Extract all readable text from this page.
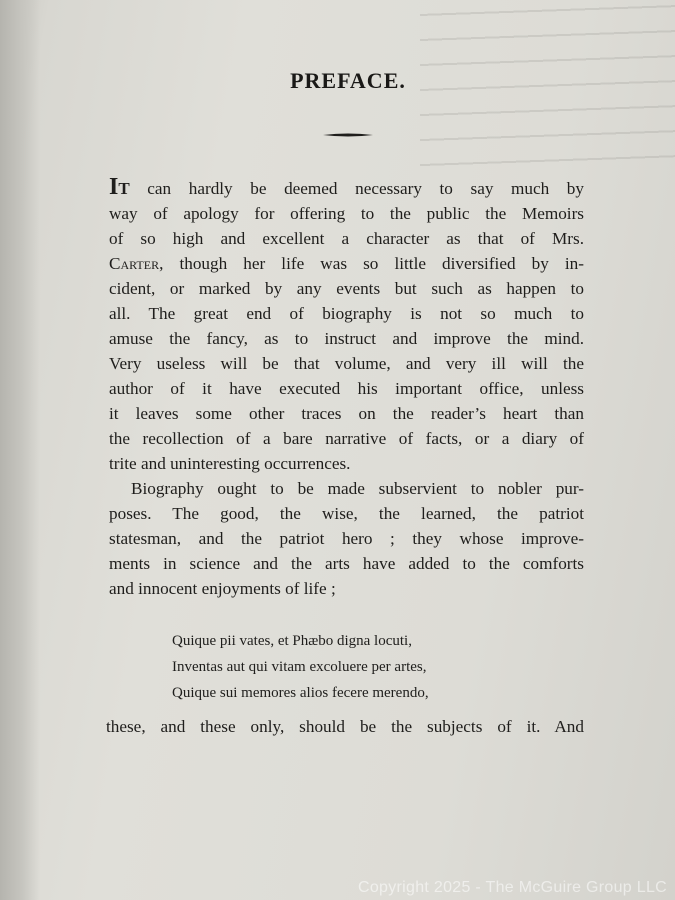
PREFACE.
It can hardly be deemed necessary to say much by
way of apology for offering to the public the Memoirs
of so high and excellent a character as that of Mrs.
Carter, though her life was so little diversified by in-
cident, or marked by any events but such as happen to
all. The great end of biography is not so much to
amuse the fancy, as to instruct and improve the mind.
Very useless will be that volume, and very ill will the
author of it have executed his important office, unless
it leaves some other traces on the reader’s heart than
the recollection of a bare narrative of facts, or a diary of
trite and uninteresting occurrences.
Biography ought to be made subservient to nobler pur-
poses. The good, the wise, the learned, the patriot
statesman, and the patriot hero ; they whose improve-
ments in science and the arts have added to the comforts
and innocent enjoyments of life ;
Quique pii vates, et Phæbo digna locuti,
Inventas aut qui vitam excoluere per artes,
Quique sui memores alios fecere merendo,
these, and these only, should be the subjects of it. And
Copyright 2025 - The McGuire Group LLC
